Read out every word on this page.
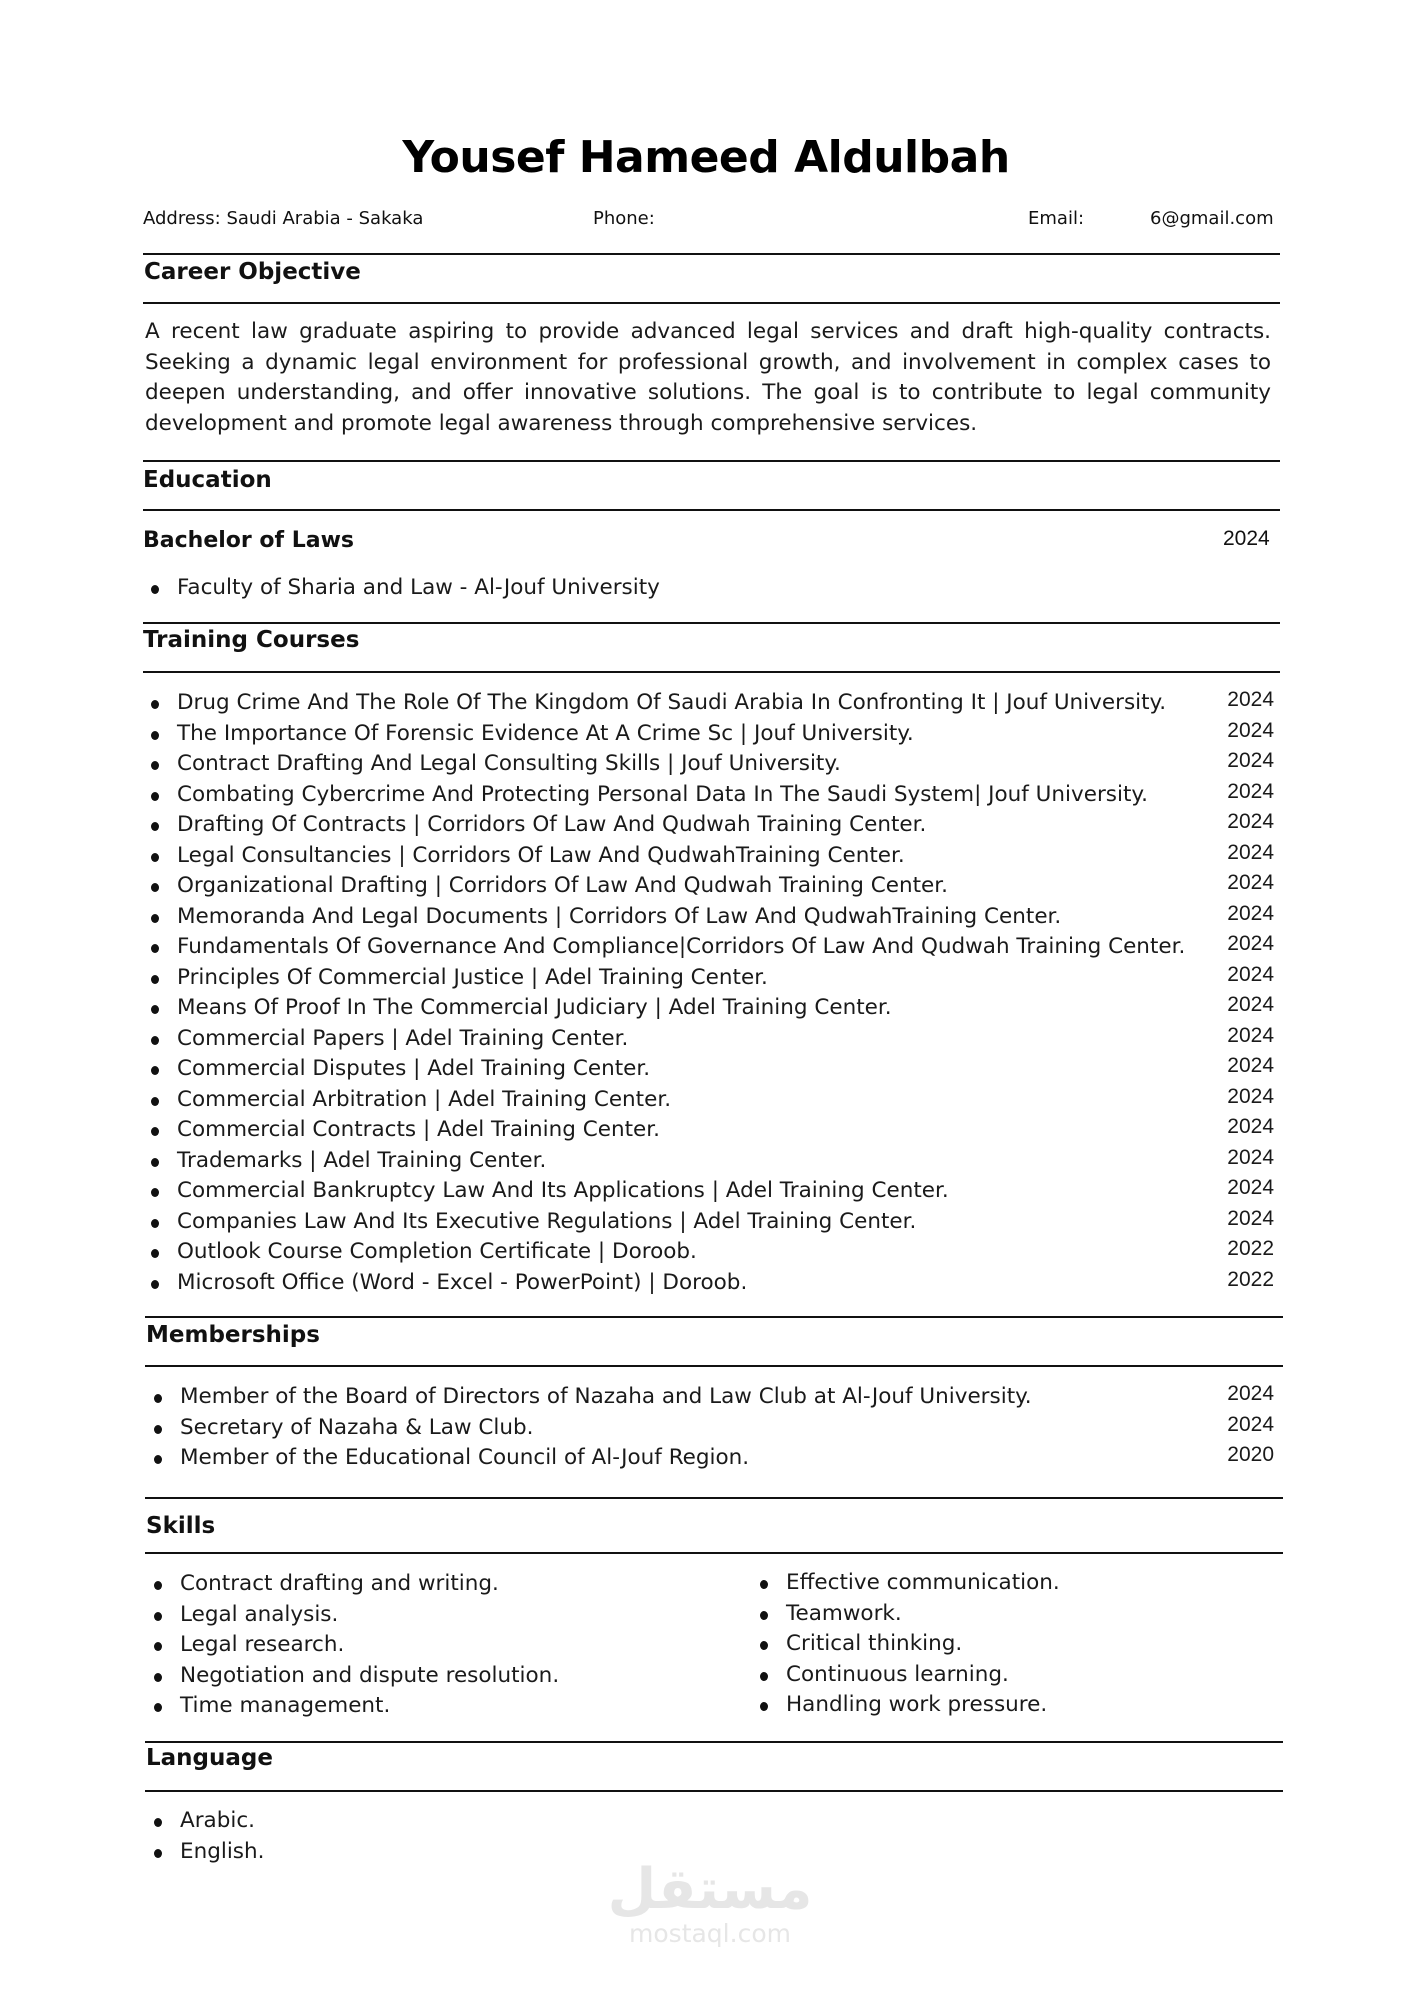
Yousef Hameed Aldulbah
Address: Saudi Arabia - Sakaka	Phone:	Email:	6@gmail.com
Career Objective
A recent law graduate aspiring to provide advanced legal services and draft high-quality contracts. Seeking a dynamic legal environment for professional growth, and involvement in complex cases to deepen understanding, and offer innovative solutions. The goal is to contribute to legal community development and promote legal awareness through comprehensive services.
Education
Bachelor of Laws	2024
Faculty of Sharia and Law - Al-Jouf University
Training Courses
Drug Crime And The Role Of The Kingdom Of Saudi Arabia In Confronting It | Jouf University.	2024
The Importance Of Forensic Evidence At A Crime Sc | Jouf University.	2024
Contract Drafting And Legal Consulting Skills | Jouf University.	2024
Combating Cybercrime And Protecting Personal Data In The Saudi System| Jouf University.	2024
Drafting Of Contracts | Corridors Of Law And Qudwah Training Center.	2024
Legal Consultancies | Corridors Of Law And QudwahTraining Center.	2024
Organizational Drafting | Corridors Of Law And Qudwah Training Center.	2024
Memoranda And Legal Documents | Corridors Of Law And QudwahTraining Center.	2024
Fundamentals Of Governance And Compliance|Corridors Of Law And Qudwah Training Center. 2024
Principles Of Commercial Justice | Adel Training Center.	2024
Means Of Proof In The Commercial Judiciary | Adel Training Center.	2024
Commercial Papers | Adel Training Center.	2024
Commercial Disputes | Adel Training Center.	2024
Commercial Arbitration | Adel Training Center.	2024
Commercial Contracts | Adel Training Center.	2024
Trademarks | Adel Training Center.	2024
Commercial Bankruptcy Law And Its Applications | Adel Training Center.	2024
Companies Law And Its Executive Regulations | Adel Training Center.	2024
Outlook Course Completion Certificate | Doroob.	2022
Microsoft Office (Word - Excel - PowerPoint) | Doroob.	2022
Memberships
Member of the Board of Directors of Nazaha and Law Club at Al-Jouf University.	2024
Secretary of Nazaha & Law Club.	2024
Member of the Educational Council of Al-Jouf Region.	2020
Skills
Contract drafting and writing.
Legal analysis.
Legal research.
Negotiation and dispute resolution.
Time management.
Effective communication.
Teamwork.
Critical thinking.
Continuous learning.
Handling work pressure.
Language
Arabic.
English.
مستقل
mostaql.com
